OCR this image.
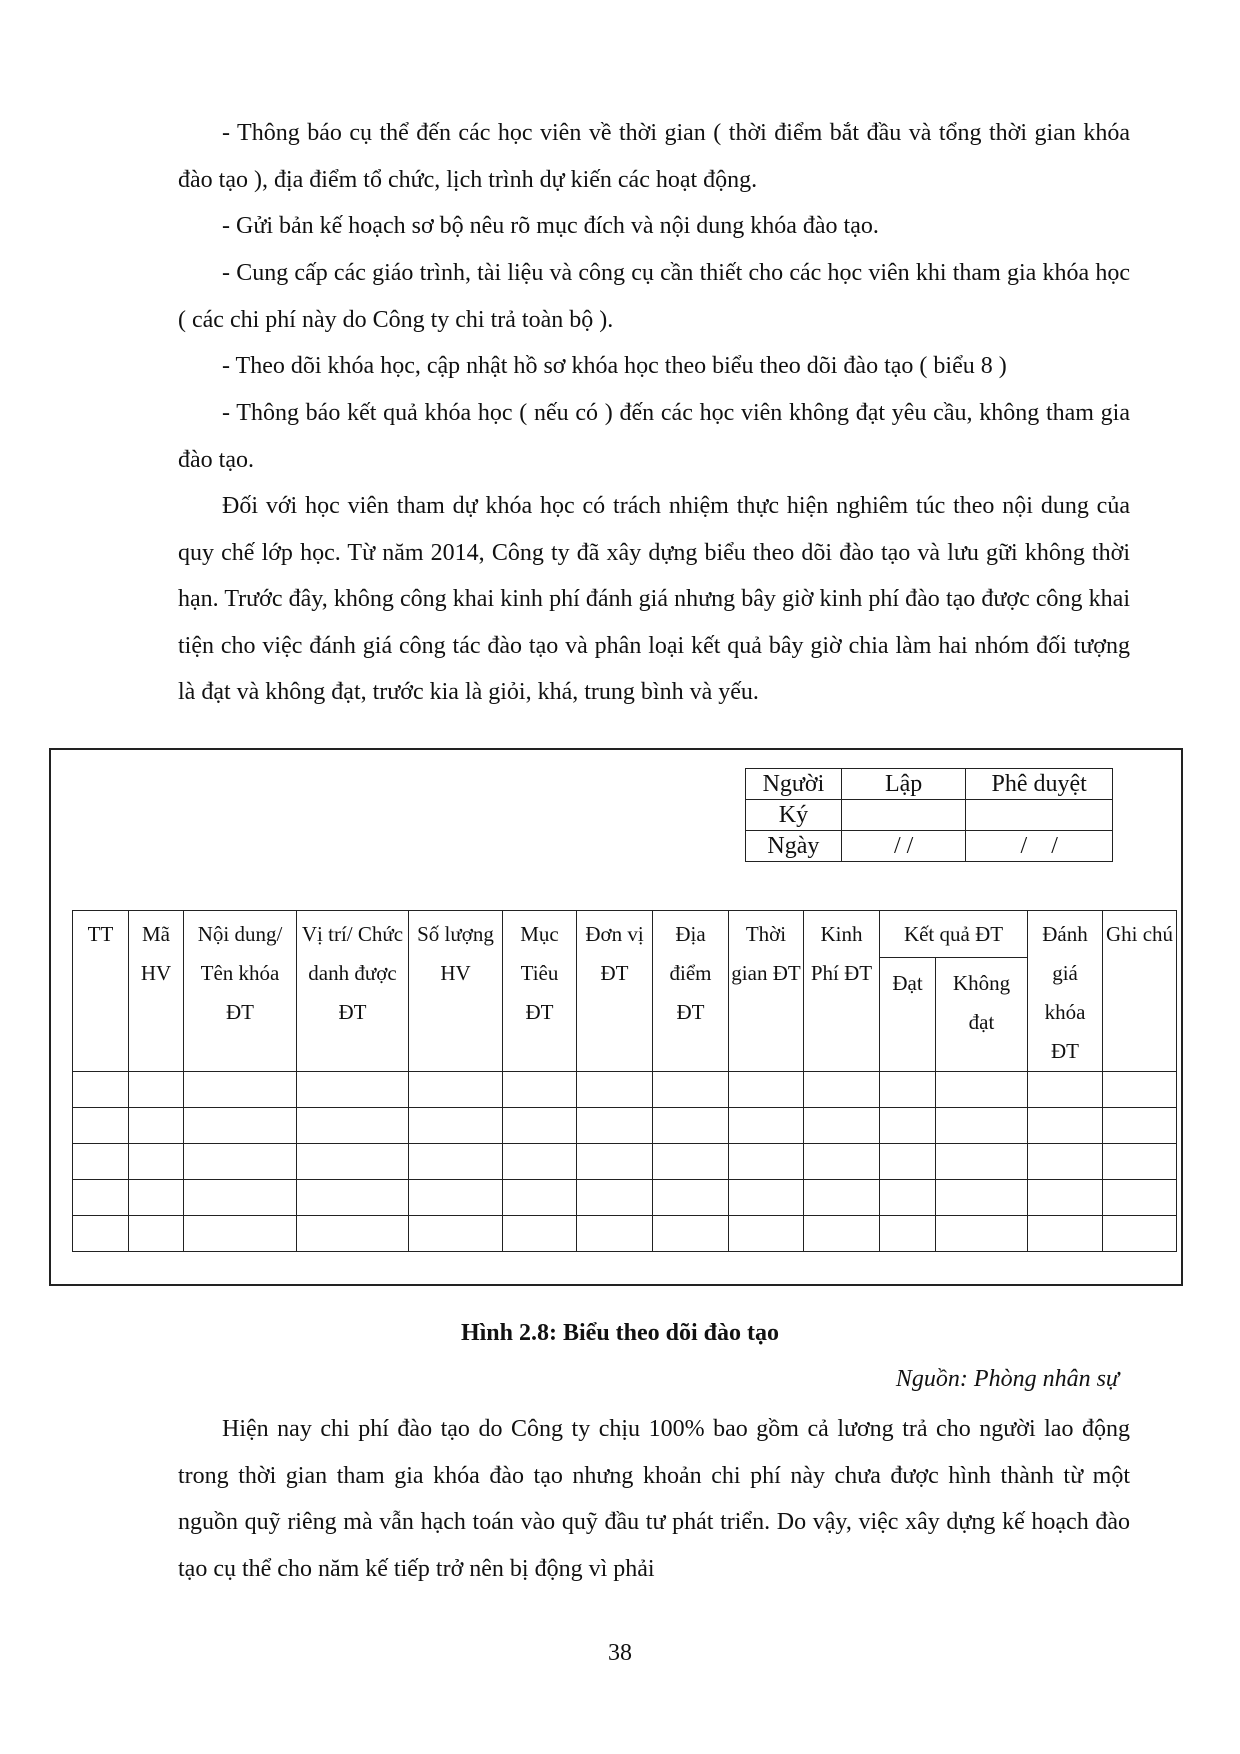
- Thông báo cụ thể đến các học viên về thời gian ( thời điểm bắt đầu và tổng thời gian khóa đào tạo ), địa điểm tổ chức, lịch trình dự kiến các hoạt động.

- Gửi bản kế hoạch sơ bộ nêu rõ mục đích và nội dung khóa đào tạo.

- Cung cấp các giáo trình, tài liệu và công cụ cần thiết cho các học viên khi tham gia khóa học ( các chi phí này do Công ty chi trả toàn bộ ).

- Theo dõi khóa học, cập nhật hồ sơ khóa học theo biểu theo dõi đào tạo ( biểu 8 )

- Thông báo kết quả khóa học ( nếu có ) đến các học viên không đạt yêu cầu, không tham gia đào tạo.

Đối với học viên tham dự khóa học có trách nhiệm thực hiện nghiêm túc theo nội dung của quy chế lớp học. Từ năm 2014, Công ty đã xây dựng biểu theo dõi đào tạo và lưu gữi không thời hạn. Trước đây, không công khai kinh phí đánh giá nhưng bây giờ kinh phí đào tạo được công khai tiện cho việc đánh giá công tác đào tạo và phân loại kết quả bây giờ chia làm hai nhóm đối tượng là đạt và không đạt, trước kia là giỏi, khá, trung bình và yếu.

Người	Lập	Phê duyệt
Ký		
Ngày	/ /	/    /
TT	Mã HV	Nội dung/ Tên khóa ĐT	Vị trí/ Chức danh được ĐT	Số lượng HV	Mục Tiêu ĐT	Đơn vị ĐT	Địa điểm ĐT	Thời gian ĐT	Kinh Phí ĐT	Kết quả ĐT		Đánh giá khóa ĐT	Ghi chú
										Đạt	Không đạt		

Hình 2.8: Biểu theo dõi đào tạo
Nguồn: Phòng nhân sự

Hiện nay chi phí đào tạo do Công ty chịu 100% bao gồm cả lương trả cho người lao động trong thời gian tham gia khóa đào tạo nhưng khoản chi phí này chưa được hình thành từ một nguồn quỹ riêng mà vẫn hạch toán vào quỹ đầu tư phát triển. Do vậy, việc xây dựng kế hoạch đào tạo cụ thể cho năm kế tiếp trở nên bị động vì phải

38
